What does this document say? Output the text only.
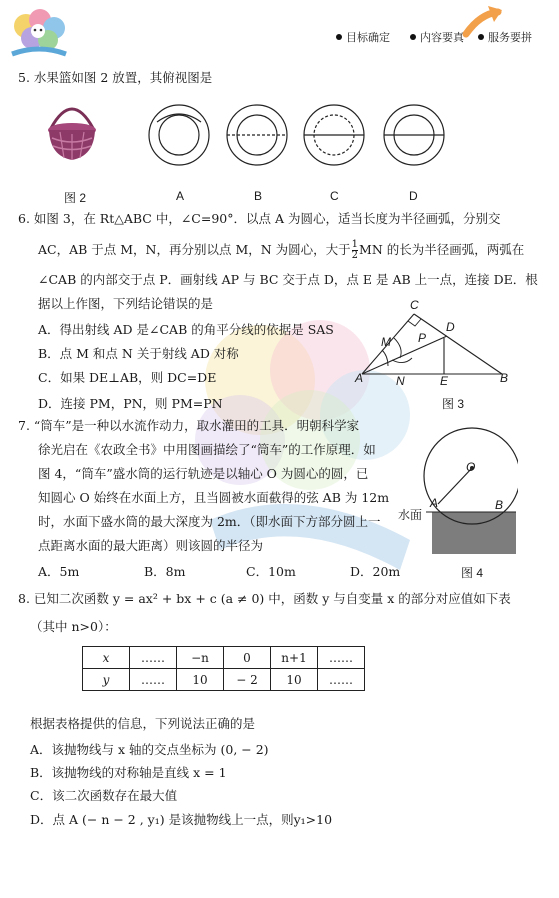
目标确定	内容要真 服务要拼
5. 水果篮如图 2 放置，其俯视图是
图 2	A	B	C	D
6. 如图 3，在 Rt△ABC 中，∠C=90°．以点 A 为圆心，适当长度为半径画弧，分别交
AC，AB 于点 M，N，再分别以点 M，N 为圆心，大于 $\frac{1}{2}$ MN 的长为半径画弧，两弧在
∠CAB 的内部交于点 P．画射线 AP 与 BC 交于点 D，点 E 是 AB 上一点，连接 DE．根
据以上作图，下列结论错误的是
A．得出射线 AD 是∠CAB 的角平分线的依据是 SAS
B．点 M 和点 N 关于射线 AD 对称
C．如果 DE⊥AB，则 DC=DE
D．连接 PM，PN，则 PM=PN
C
D
M P
A	N	E	B
图 3
7. “筒车”是一种以水流作动力，取水灌田的工具．明朝科学家
徐光启在《农政全书》中用图画描绘了“筒车”的工作原理．如
图 4，“筒车”盛水筒的运行轨迹是以轴心 O 为圆心的圆，已
知圆心 O 始终在水面上方，且当圆被水面截得的弦 AB 为 12m
时，水面下盛水筒的最大深度为 2m．（即水面下方部分圆上一
点距离水面的最大距离）则该圆的半径为
A．5m	B．8m	C．10m	D．20m
O
A	B
水面
图 4
8. 已知二次函数 y = ax² + bx + c (a ≠ 0) 中，函数 y 与自变量 x 的部分对应值如下表
（其中 n>0）：
x	……	−n	0	n+1	……
y	……	10	− 2	10	……
根据表格提供的信息，下列说法正确的是
A．该抛物线与 x 轴的交点坐标为 (0, − 2)
B．该抛物线的对称轴是直线 x = 1
C．该二次函数存在最大值
D．点 A (− n − 2 , y₁) 是该抛物线上一点，则y₁>10
